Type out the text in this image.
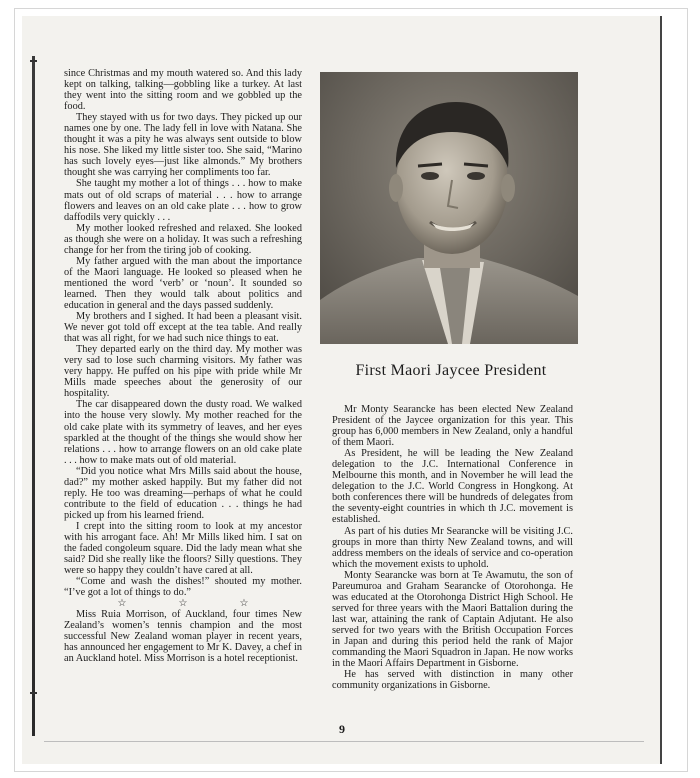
since Christmas and my mouth watered so. And this lady kept on talking, talking—gobbling like a turkey. At last they went into the sitting room and we gobbled up the food.

They stayed with us for two days. They picked up our names one by one. The lady fell in love with Natana. She thought it was a pity he was always sent outside to blow his nose. She liked my little sister too. She said, “Marino has such lovely eyes—just like almonds.” My brothers thought she was carrying her compliments too far.

She taught my mother a lot of things . . . how to make mats out of old scraps of material . . . how to arrange flowers and leaves on an old cake plate . . . how to grow daffodils very quickly . . .

My mother looked refreshed and relaxed. She looked as though she were on a holiday. It was such a refreshing change for her from the tiring job of cooking.

My father argued with the man about the importance of the Maori language. He looked so pleased when he mentioned the word ‘verb’ or ‘noun’. It sounded so learned. Then they would talk about politics and education in general and the days passed suddenly.

My brothers and I sighed. It had been a pleasant visit. We never got told off except at the tea table. And really that was all right, for we had such nice things to eat.

They departed early on the third day. My mother was very sad to lose such charming visitors. My father was very happy. He puffed on his pipe with pride while Mr Mills made speeches about the generosity of our hospitality.

The car disappeared down the dusty road. We walked into the house very slowly. My mother reached for the old cake plate with its symmetry of leaves, and her eyes sparkled at the thought of the things she would show her relations . . . how to arrange flowers on an old cake plate . . . how to make mats out of old material.

“Did you notice what Mrs Mills said about the house, dad?” my mother asked happily. But my father did not reply. He too was dreaming—perhaps of what he could contribute to the field of education . . . things he had picked up from his learned friend.

I crept into the sitting room to look at my ancestor with his arrogant face. Ah! Mr Mills liked him. I sat on the faded congoleum square. Did the lady mean what she said? Did she really like the floors? Silly questions. They were so happy they couldn’t have cared at all.

“Come and wash the dishes!” shouted my mother. “I’ve got a lot of things to do.”

☆	☆	☆

Miss Ruia Morrison, of Auckland, four times New Zealand’s women’s tennis champion and the most successful New Zealand woman player in recent years, has announced her engagement to Mr K. Davey, a chef in an Auckland hotel. Miss Morrison is a hotel receptionist.

First Maori Jaycee President

Mr Monty Searancke has been elected New Zealand President of the Jaycee organization for this year. This group has 6,000 members in New Zealand, only a handful of them Maori.

As President, he will be leading the New Zealand delegation to the J.C. International Conference in Melbourne this month, and in November he will lead the delegation to the J.C. World Congress in Hongkong. At both conferences there will be hundreds of delegates from the seventy-eight countries in which th J.C. movement is established.

As part of his duties Mr Searancke will be visiting J.C. groups in more than thirty New Zealand towns, and will address members on the ideals of service and co-operation which the movement exists to uphold.

Monty Searancke was born at Te Awamutu, the son of Pareumuroa and Graham Searancke of Otorohonga. He was educated at the Otorohonga District High School. He served for three years with the Maori Battalion during the last war, attaining the rank of Captain Adjutant. He also served for two years with the British Occupation Forces in Japan and during this period held the rank of Major commanding the Maori Squadron in Japan. He now works in the Maori Affairs Department in Gisborne.

He has served with distinction in many other community organizations in Gisborne.

9
